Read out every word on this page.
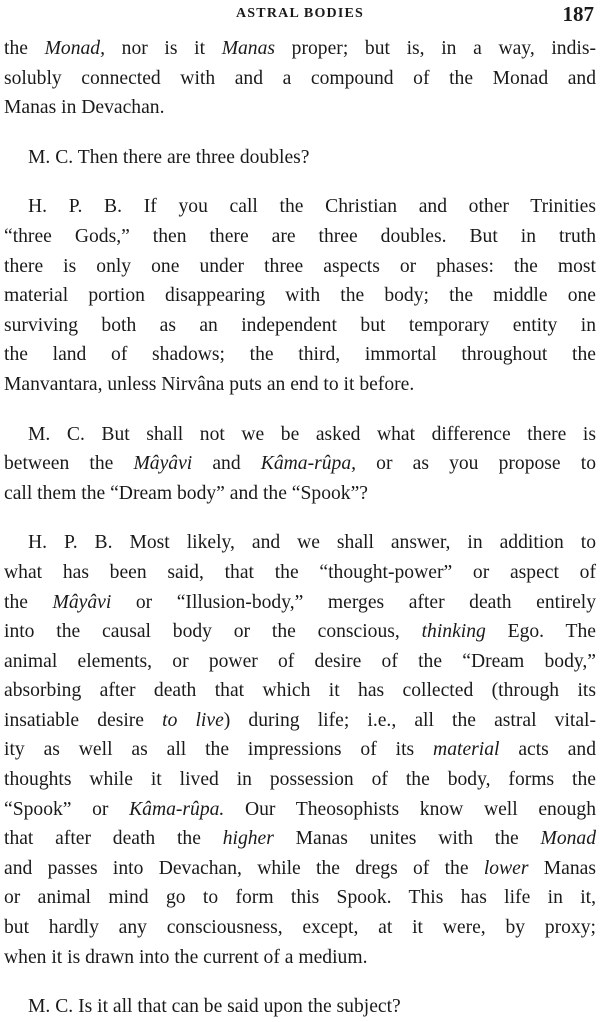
ASTRAL BODIES	187

the Monad, nor is it Manas proper; but is, in a way, indis-
solubly connected with and a compound of the Monad and
Manas in Devachan.

M. C. Then there are three doubles?

H. P. B. If you call the Christian and other Trinities
“three Gods,” then there are three doubles. But in truth
there is only one under three aspects or phases: the most
material portion disappearing with the body; the middle one
surviving both as an independent but temporary entity in
the land of shadows; the third, immortal throughout the
Manvantara, unless Nirvâna puts an end to it before.

M. C. But shall not we be asked what difference there is
between the Mâyâvi and Kâma-rûpa, or as you propose to
call them the “Dream body” and the “Spook”?

H. P. B. Most likely, and we shall answer, in addition to
what has been said, that the “thought-power” or aspect of
the Mâyâvi or “Illusion-body,” merges after death entirely
into the causal body or the conscious, thinking Ego. The
animal elements, or power of desire of the “Dream body,”
absorbing after death that which it has collected (through its
insatiable desire to live) during life; i.e., all the astral vital-
ity as well as all the impressions of its material acts and
thoughts while it lived in possession of the body, forms the
“Spook” or Kâma-rûpa. Our Theosophists know well enough
that after death the higher Manas unites with the Monad
and passes into Devachan, while the dregs of the lower Manas
or animal mind go to form this Spook. This has life in it,
but hardly any consciousness, except, at it were, by proxy;
when it is drawn into the current of a medium.

M. C. Is it all that can be said upon the subject?
